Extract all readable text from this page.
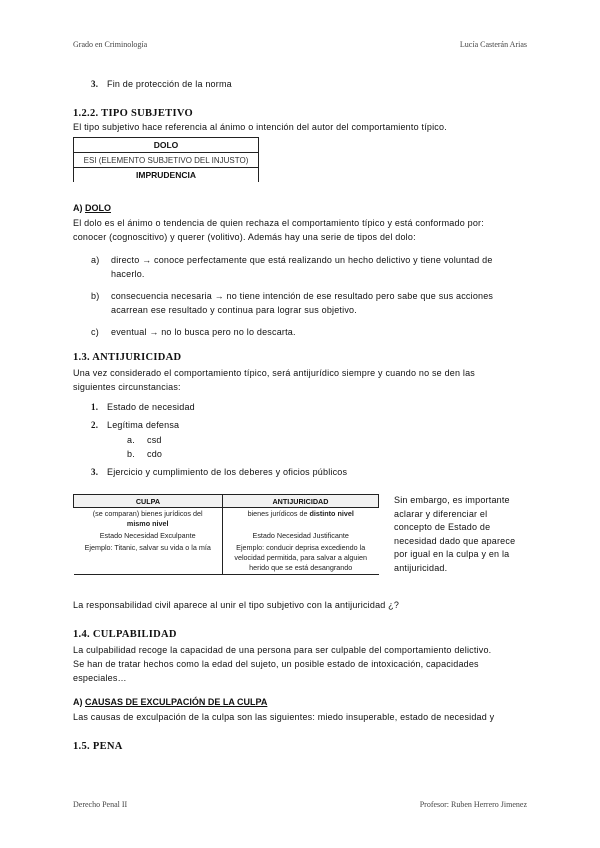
Grado en Criminología	Lucía Casterán Arias
3. Fin de protección de la norma
1.2.2. TIPO SUBJETIVO
El tipo subjetivo hace referencia al ánimo o intención del autor del comportamiento típico.
DOLO
ESI (ELEMENTO SUBJETIVO DEL INJUSTO)
IMPRUDENCIA
A) DOLO
El dolo es el ánimo o tendencia de quien rechaza el comportamiento típico y está conformado por:
conocer (cognoscitivo) y querer (volitivo). Además hay una serie de tipos del dolo:
a) directo → conoce perfectamente que está realizando un hecho delictivo y tiene voluntad de
hacerlo.
b) consecuencia necesaria → no tiene intención de ese resultado pero sabe que sus acciones
acarrean ese resultado y continua para lograr sus objetivo.
c) eventual → no lo busca pero no lo descarta.
1.3. ANTIJURICIDAD
Una vez considerado el comportamiento típico, será antijurídico siempre y cuando no se den las
siguientes circunstancias:
1. Estado de necesidad
2. Legítima defensa
a. csd
b. cdo
3. Ejercicio y cumplimiento de los deberes y oficios públicos
CULPA	ANTIJURICIDAD
(se comparan) bienes jurídicos del
mismo nivel	bienes jurídicos de distinto nivel
Estado Necesidad Exculpante	Estado Necesidad Justificante
Ejemplo: Titanic, salvar su vida o la mía	Ejemplo: conducir deprisa excediendo la
velocidad permitida, para salvar a alguien
herido que se está desangrando
Sin embargo, es importante
aclarar y diferenciar el
concepto de Estado de
necesidad dado que aparece
por igual en la culpa y en la
antijuricidad.
La responsabilidad civil aparece al unir el tipo subjetivo con la antijuricidad ¿?
1.4. CULPABILIDAD
La culpabilidad recoge la capacidad de una persona para ser culpable del comportamiento delictivo.
Se han de tratar hechos como la edad del sujeto, un posible estado de intoxicación, capacidades
especiales…
A) CAUSAS DE EXCULPACIÓN DE LA CULPA
Las causas de exculpación de la culpa son las siguientes: miedo insuperable, estado de necesidad y
1.5. PENA
Derecho Penal II	Profesor: Ruben Herrero Jimenez
